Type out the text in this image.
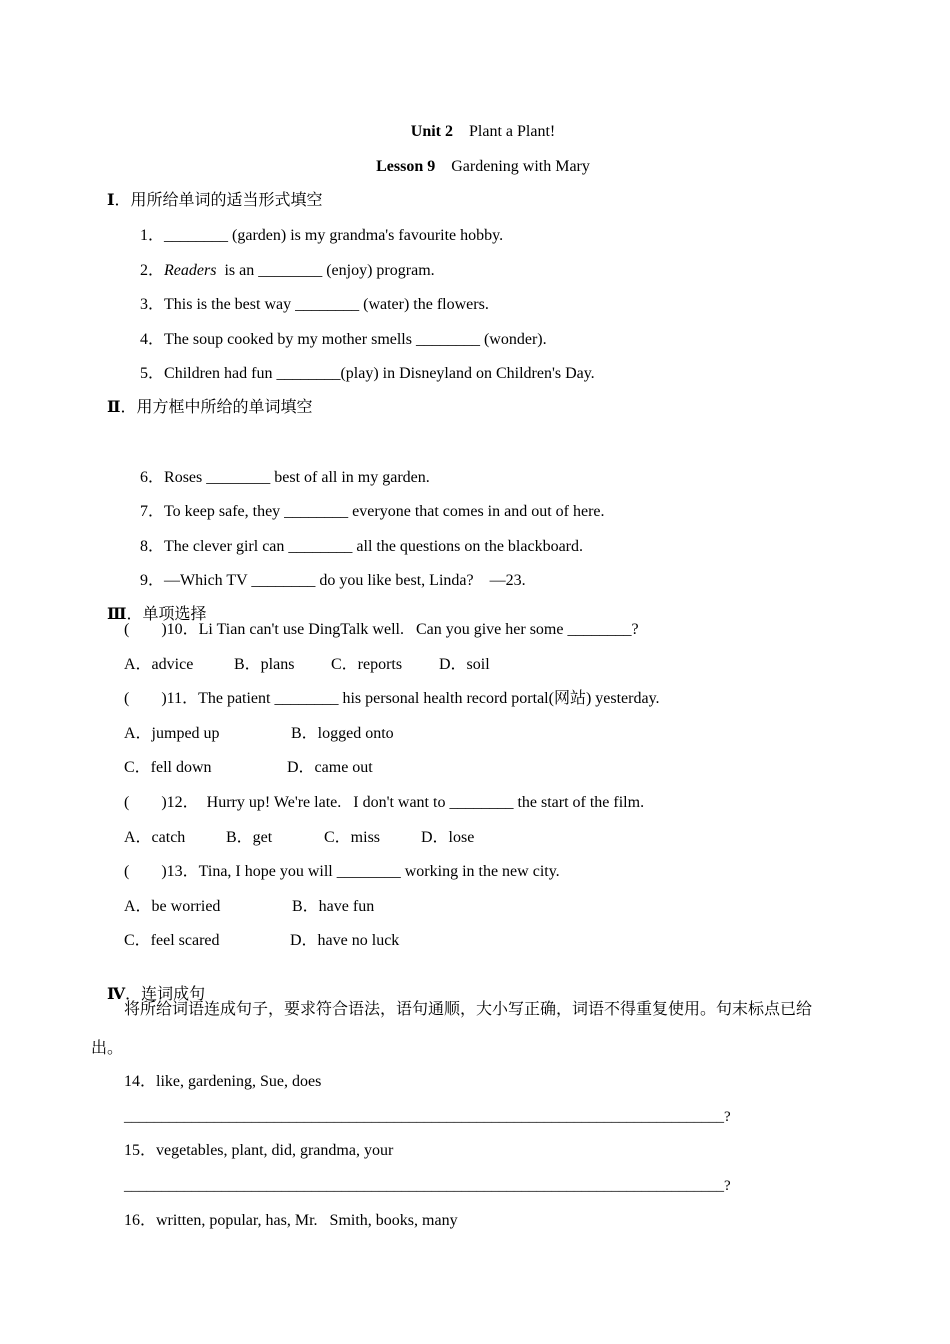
Unit 2 Plant a Plant!

Lesson 9 Gardening with Mary

Ⅰ．用所给单词的适当形式填空

1．________ (garden) is my grandma's favourite hobby.

2．Readers  is an ________ (enjoy) program.

3．This is the best way ________ (water) the flowers.

4．The soup cooked by my mother smells ________ (wonder).

5．Children had fun ________(play) in Disneyland on Children's Day.

Ⅱ．用方框中所给的单词填空

6．Roses ________ best of all in my garden.

7．To keep safe, they ________ everyone that comes in and out of here.

8．The clever girl can ________ all the questions on the blackboard.

9．—Which TV ________ do you like best, Linda?    —23.

Ⅲ．单项选择

(        )10．Li Tian can't use DingTalk well.   Can you give her some ________?
A．advice	B．plans C．reports D．soil
(        )11．The patient ________ his personal health record portal(网站) yesterday.
A．jumped up	B．logged onto
C．fell down	D．came out
(        )12．  Hurry up! We're late.   I don't want to ________ the start of the film.
A．catch	B．get	C．miss	D．lose
(        )13．Tina, I hope you will ________ working in the new city.
A．be worried	B．have fun
C．feel scared	D．have no luck

Ⅳ．连词成句

将所给词语连成句子，要求符合语法，语句通顺，大小写正确，词语不得重复使用。句末标点已给
出。
14．like, gardening, Sue, does
________________________________________________________________________________?
15．vegetables, plant, did, grandma, your
________________________________________________________________________________?
16．written, popular, has, Mr.   Smith, books, many
